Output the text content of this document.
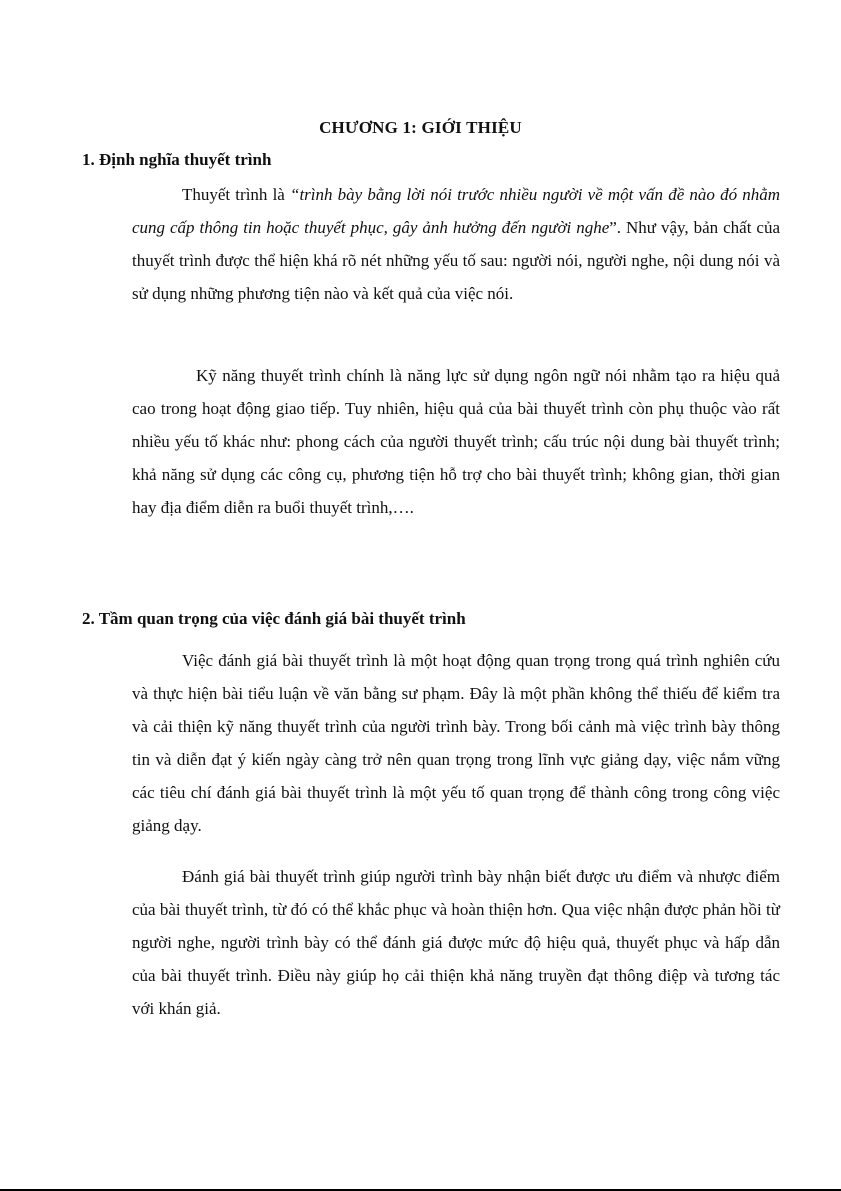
CHƯƠNG 1: GIỚI THIỆU
1. Định nghĩa thuyết trình

Thuyết trình là “trình bày bằng lời nói trước nhiều người về một vấn đề nào đó nhằm cung cấp thông tin hoặc thuyết phục, gây ảnh hưởng đến người nghe”. Như vậy, bản chất của thuyết trình được thể hiện khá rõ nét những yếu tố sau: người nói, người nghe, nội dung nói và sử dụng những phương tiện nào và kết quả của việc nói.

Kỹ năng thuyết trình chính là năng lực sử dụng ngôn ngữ nói nhằm tạo ra hiệu quả cao trong hoạt động giao tiếp. Tuy nhiên, hiệu quả của bài thuyết trình còn phụ thuộc vào rất nhiều yếu tố khác như: phong cách của người thuyết trình; cấu trúc nội dung bài thuyết trình; khả năng sử dụng các công cụ, phương tiện hỗ trợ cho bài thuyết trình; không gian, thời gian hay địa điểm diễn ra buổi thuyết trình,….

2. Tầm quan trọng của việc đánh giá bài thuyết trình

Việc đánh giá bài thuyết trình là một hoạt động quan trọng trong quá trình nghiên cứu và thực hiện bài tiểu luận về văn bằng sư phạm. Đây là một phần không thể thiếu để kiểm tra và cải thiện kỹ năng thuyết trình của người trình bày. Trong bối cảnh mà việc trình bày thông tin và diễn đạt ý kiến ngày càng trở nên quan trọng trong lĩnh vực giảng dạy, việc nắm vững các tiêu chí đánh giá bài thuyết trình là một yếu tố quan trọng để thành công trong công việc giảng dạy.

Đánh giá bài thuyết trình giúp người trình bày nhận biết được ưu điểm và nhược điểm của bài thuyết trình, từ đó có thể khắc phục và hoàn thiện hơn. Qua việc nhận được phản hồi từ người nghe, người trình bày có thể đánh giá được mức độ hiệu quả, thuyết phục và hấp dẫn của bài thuyết trình. Điều này giúp họ cải thiện khả năng truyền đạt thông điệp và tương tác với khán giả.
